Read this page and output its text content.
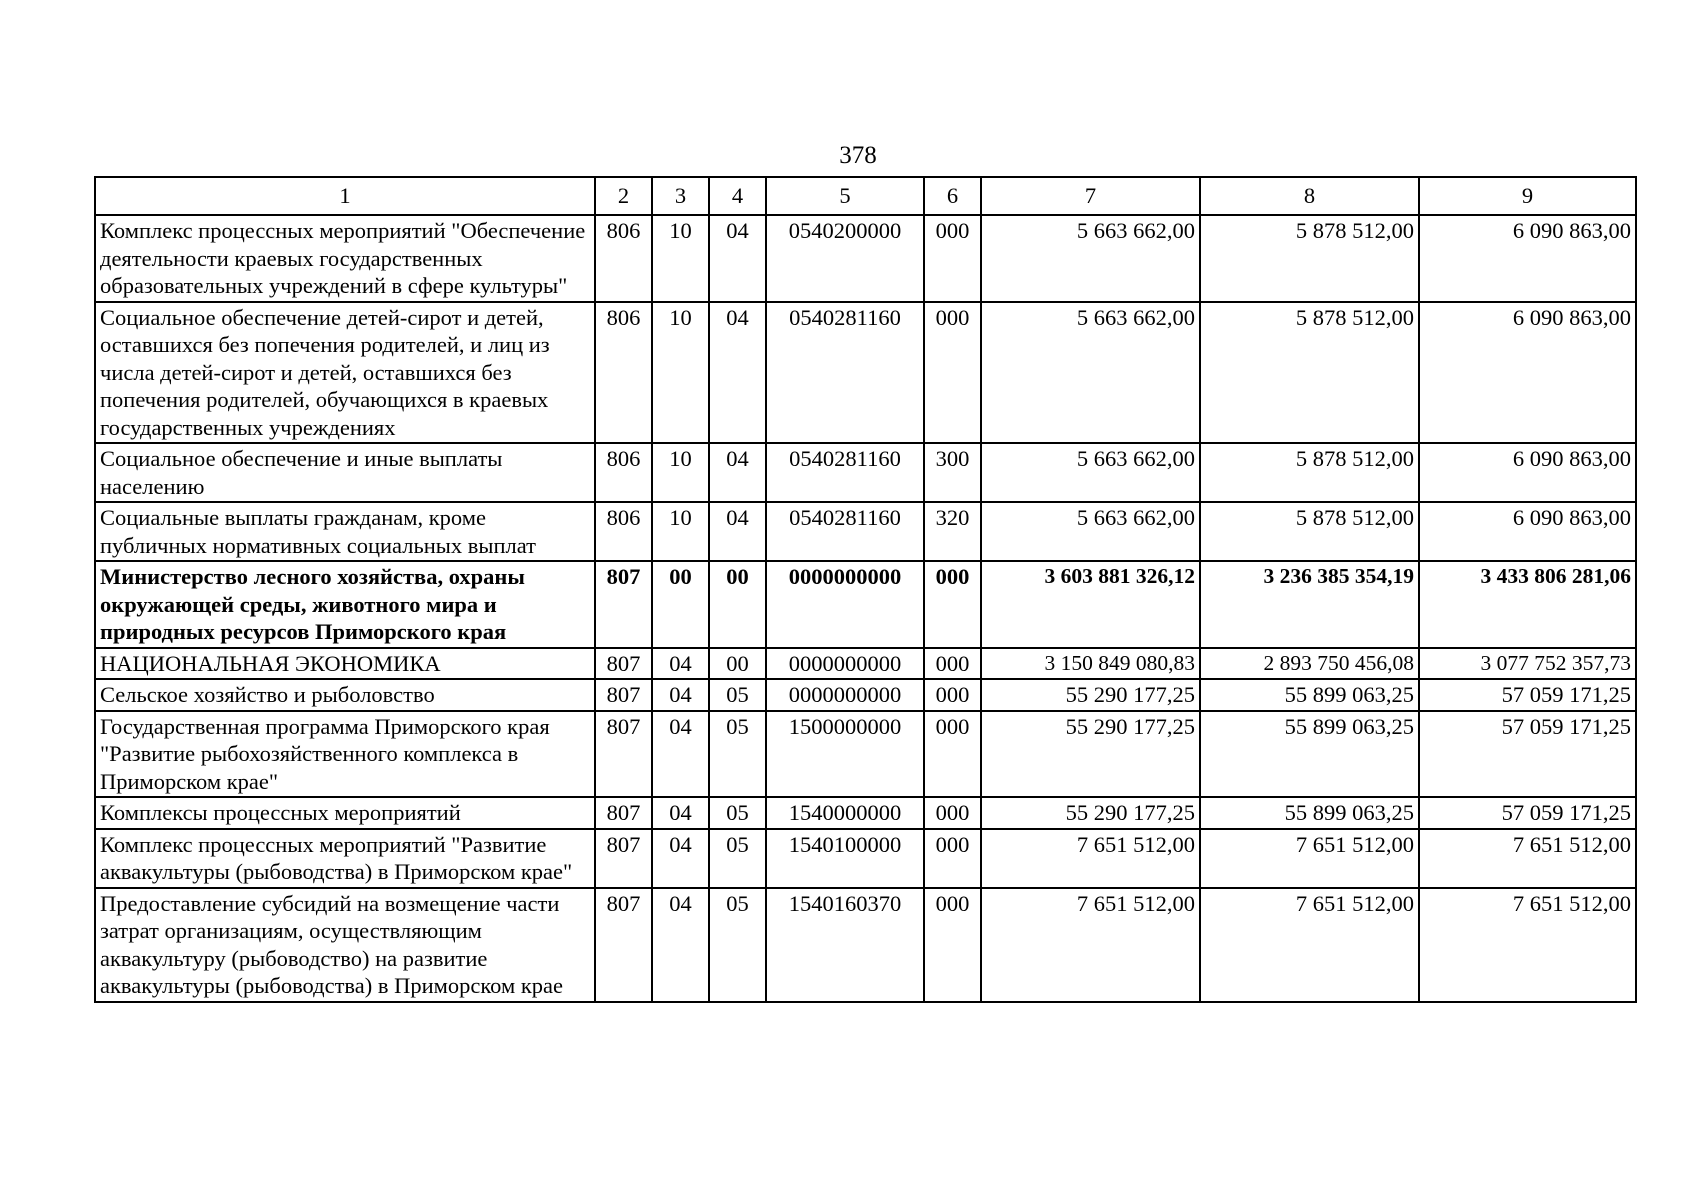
378
1	2	3	4	5	6	7	8	9
Комплекс процессных мероприятий "Обеспечение деятельности краевых государственных образовательных учреждений в сфере культуры"	806	10	04	0540200000	000	5 663 662,00	5 878 512,00	6 090 863,00
Социальное обеспечение детей-сирот и детей, оставшихся без попечения родителей, и лиц из числа детей-сирот и детей, оставшихся без попечения родителей, обучающихся в краевых государственных учреждениях	806	10	04	0540281160	000	5 663 662,00	5 878 512,00	6 090 863,00
Социальное обеспечение и иные выплаты населению	806	10	04	0540281160	300	5 663 662,00	5 878 512,00	6 090 863,00
Социальные выплаты гражданам, кроме публичных нормативных социальных выплат	806	10	04	0540281160	320	5 663 662,00	5 878 512,00	6 090 863,00
Министерство лесного хозяйства, охраны окружающей среды, животного мира и природных ресурсов Приморского края	807	00	00	0000000000	000	3 603 881 326,12	3 236 385 354,19	3 433 806 281,06
НАЦИОНАЛЬНАЯ ЭКОНОМИКА	807	04	00	0000000000	000	3 150 849 080,83	2 893 750 456,08	3 077 752 357,73
Сельское хозяйство и рыболовство	807	04	05	0000000000	000	55 290 177,25	55 899 063,25	57 059 171,25
Государственная программа Приморского края "Развитие рыбохозяйственного комплекса в Приморском крае"	807	04	05	1500000000	000	55 290 177,25	55 899 063,25	57 059 171,25
Комплексы процессных мероприятий	807	04	05	1540000000	000	55 290 177,25	55 899 063,25	57 059 171,25
Комплекс процессных мероприятий "Развитие аквакультуры (рыбоводства) в Приморском крае"	807	04	05	1540100000	000	7 651 512,00	7 651 512,00	7 651 512,00
Предоставление субсидий на возмещение части затрат организациям, осуществляющим аквакультуру (рыбоводство) на развитие аквакультуры (рыбоводства) в Приморском крае	807	04	05	1540160370	000	7 651 512,00	7 651 512,00	7 651 512,00
